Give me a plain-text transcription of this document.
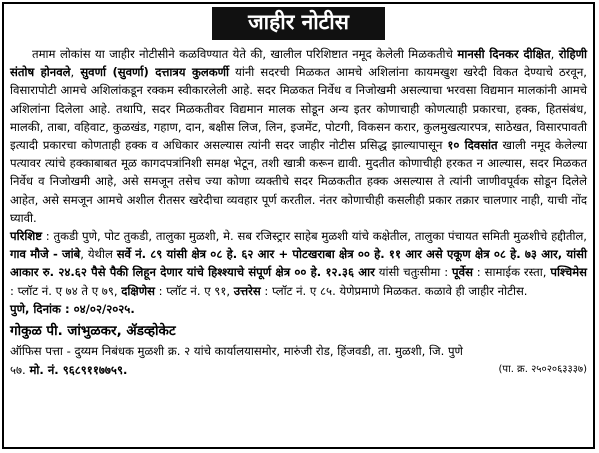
जाहीर नोटीस

तमाम लोकांस या जाहीर नोटीसीने कळविण्यात येते की, खालील परिशिष्टात नमूद केलेली मिळकतीचे मानसी दिनकर दीक्षित, रोहिणी संतोष होनवले, सुवर्णा (सुवर्णा) दत्तात्रय कुलकर्णी यांनी सदरची मिळकत आमचे अशिलांना कायमखुश खरेदी विकत देण्याचे ठरवून, विसारापोटी आमचे अशिलांकडून रक्कम स्वीकारलेली आहे. सदर मिळकत निर्वेध व निजोखमी असल्याचा भरवसा विद्यमान मालकांनी आमचे अशिलांना दिलेला आहे. तथापि, सदर मिळकतीवर विद्यमान मालक सोडून अन्य इतर कोणाचाही कोणत्याही प्रकारचा, हक्क, हितसंबंध, मालकी, ताबा, वहिवाट, कुळखंड, गहाण, दान, बक्षीस लिज, लिन, इजमेंट, पोटगी, विकसन करार, कुलमुखत्यारपत्र, साठेखत, विसारपावती इत्यादी प्रकारचा कोणताही हक्क व अधिकार असल्यास त्यांनी सदर जाहीर नोटीस प्रसिद्ध झाल्यापासून १० दिवसांत खाली नमूद केलेल्या पत्यावर त्यांचे हक्काबाबत मूळ कागदपत्रांनिशी समक्ष भेटून, तशी खात्री करून द्यावी. मुदतीत कोणाचीही हरकत न आल्यास, सदर मिळकत निर्वेध व निजोखमी आहे, असे समजून तसेच ज्या कोणा व्यक्तीचे सदर मिळकतीत हक्क असल्यास ते त्यांनी जाणीवपूर्वक सोडून दिलेले आहेत, असे समजून आमचे अशील रीतसर खरेदीचा व्यवहार पूर्ण करतील. नंतर कोणाचीही कसलीही प्रकार तक्रार चालणार नाही, याची नोंद घ्यावी.

परिशिष्ट : तुकडी पुणे, पोट तुकडी, तालुका मुळशी, मे. सब रजिस्ट्रार साहेब मुळशी यांचे कक्षेतील, तालुका पंचायत समिती मुळशीचे हद्दीतील, गाव मौजे - जांबे, येथील सर्वे नं. ८९ यांसी क्षेत्र ०८ हे. ६२ आर + पोटखराबा क्षेत्र ०० हे. ११ आर असे एकूण क्षेत्र ०८ हे. ७३ आर, यांसी आकार रु. २४.६२ पैसे पैकी लिहून देणार यांचे हिश्श्याचे संपूर्ण क्षेत्र ०० हे. १२.३६ आर यांसी चतुःसीमा : पूर्वेस : सामाईक रस्ता, पश्चिमेस : प्लॉट नं. ए ७४ ते ए ७९, दक्षिणेस : प्लॉट नं. ए ९१, उत्तरेस : प्लॉट नं. ए ८५. येणेप्रमाणे मिळकत. कळावे ही जाहीर नोटीस.

पुणे, दिनांक : ०४/०२/२०२५.

गोकुळ पी. जांभुळकर, ॲडव्होकेट
ऑफिस पत्ता - दुय्यम निबंधक मुळशी क्र. २ यांचे कार्यालयासमोर, मारुंजी रोड, हिंजवडी, ता. मुळशी, जि. पुणे
५७. मो. नं. ९६८९११७७५९.	(पा. क्र. २५०२०६३३३७)
